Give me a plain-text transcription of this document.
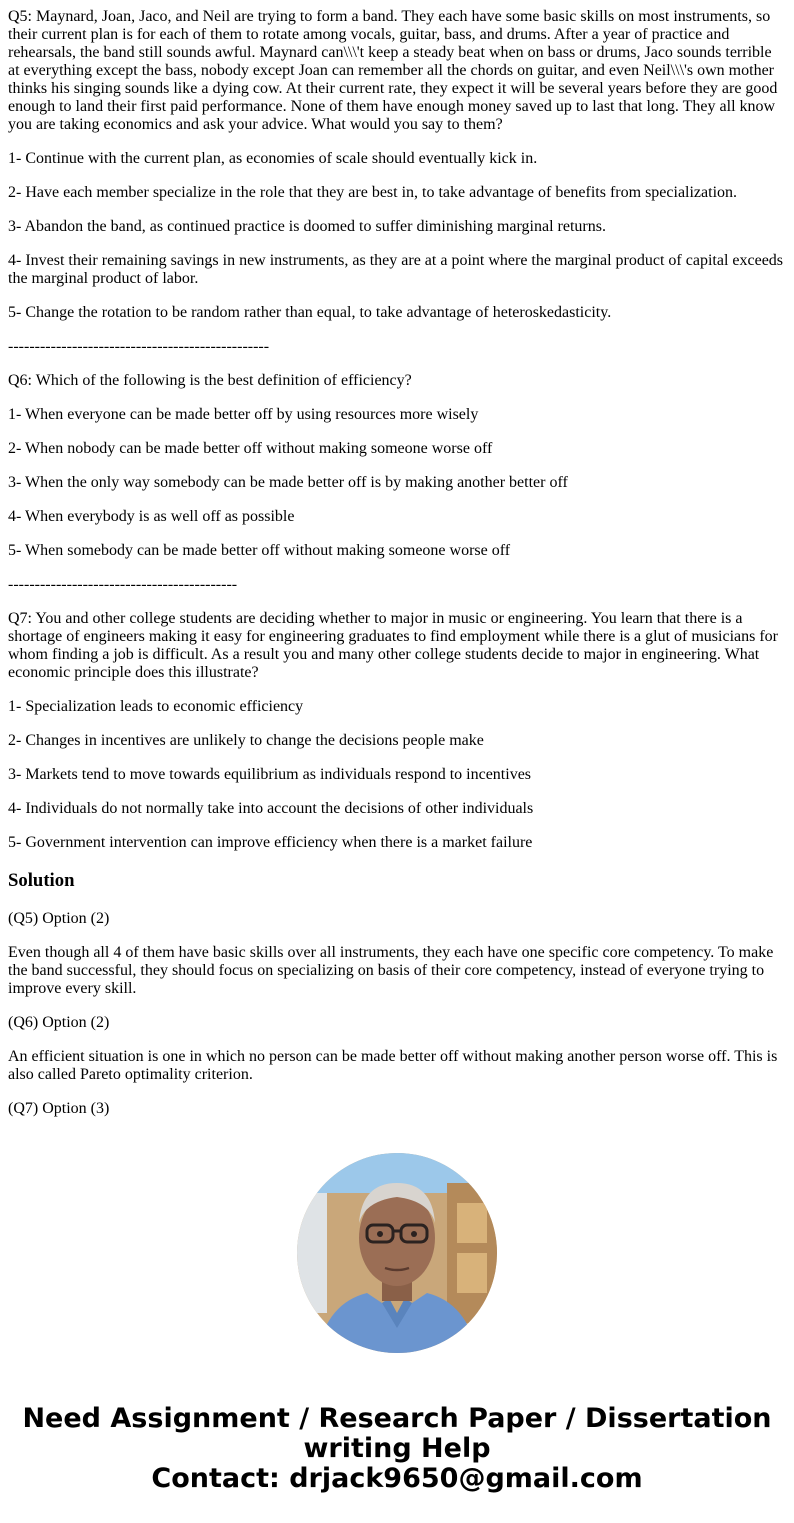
Q5: Maynard, Joan, Jaco, and Neil are trying to form a band. They each have some basic skills on most instruments, so their current plan is for each of them to rotate among vocals, guitar, bass, and drums. After a year of practice and rehearsals, the band still sounds awful. Maynard can\\\'t keep a steady beat when on bass or drums, Jaco sounds terrible at everything except the bass, nobody except Joan can remember all the chords on guitar, and even Neil\\\'s own mother thinks his singing sounds like a dying cow. At their current rate, they expect it will be several years before they are good enough to land their first paid performance. None of them have enough money saved up to last that long. They all know you are taking economics and ask your advice. What would you say to them?

1- Continue with the current plan, as economies of scale should eventually kick in.

2- Have each member specialize in the role that they are best in, to take advantage of benefits from specialization.

3- Abandon the band, as continued practice is doomed to suffer diminishing marginal returns.

4- Invest their remaining savings in new instruments, as they are at a point where the marginal product of capital exceeds the marginal product of labor.

5- Change the rotation to be random rather than equal, to take advantage of heteroskedasticity.

-------------------------------------------------

Q6: Which of the following is the best definition of efficiency?

1- When everyone can be made better off by using resources more wisely

2- When nobody can be made better off without making someone worse off

3- When the only way somebody can be made better off is by making another better off

4- When everybody is as well off as possible

5- When somebody can be made better off without making someone worse off

-------------------------------------------

Q7: You and other college students are deciding whether to major in music or engineering. You learn that there is a shortage of engineers making it easy for engineering graduates to find employment while there is a glut of musicians for whom finding a job is difficult. As a result you and many other college students decide to major in engineering. What economic principle does this illustrate?

1- Specialization leads to economic efficiency

2- Changes in incentives are unlikely to change the decisions people make

3- Markets tend to move towards equilibrium as individuals respond to incentives

4- Individuals do not normally take into account the decisions of other individuals

5- Government intervention can improve efficiency when there is a market failure

Solution

(Q5) Option (2)

Even though all 4 of them have basic skills over all instruments, they each have one specific core competency. To make the band successful, they should focus on specializing on basis of their core competency, instead of everyone trying to improve every skill.

(Q6) Option (2)

An efficient situation is one in which no person can be made better off without making another person worse off. This is also called Pareto optimality criterion.

(Q7) Option (3)

Need Assignment / Research Paper / Dissertation
writing Help
Contact: drjack9650@gmail.com
